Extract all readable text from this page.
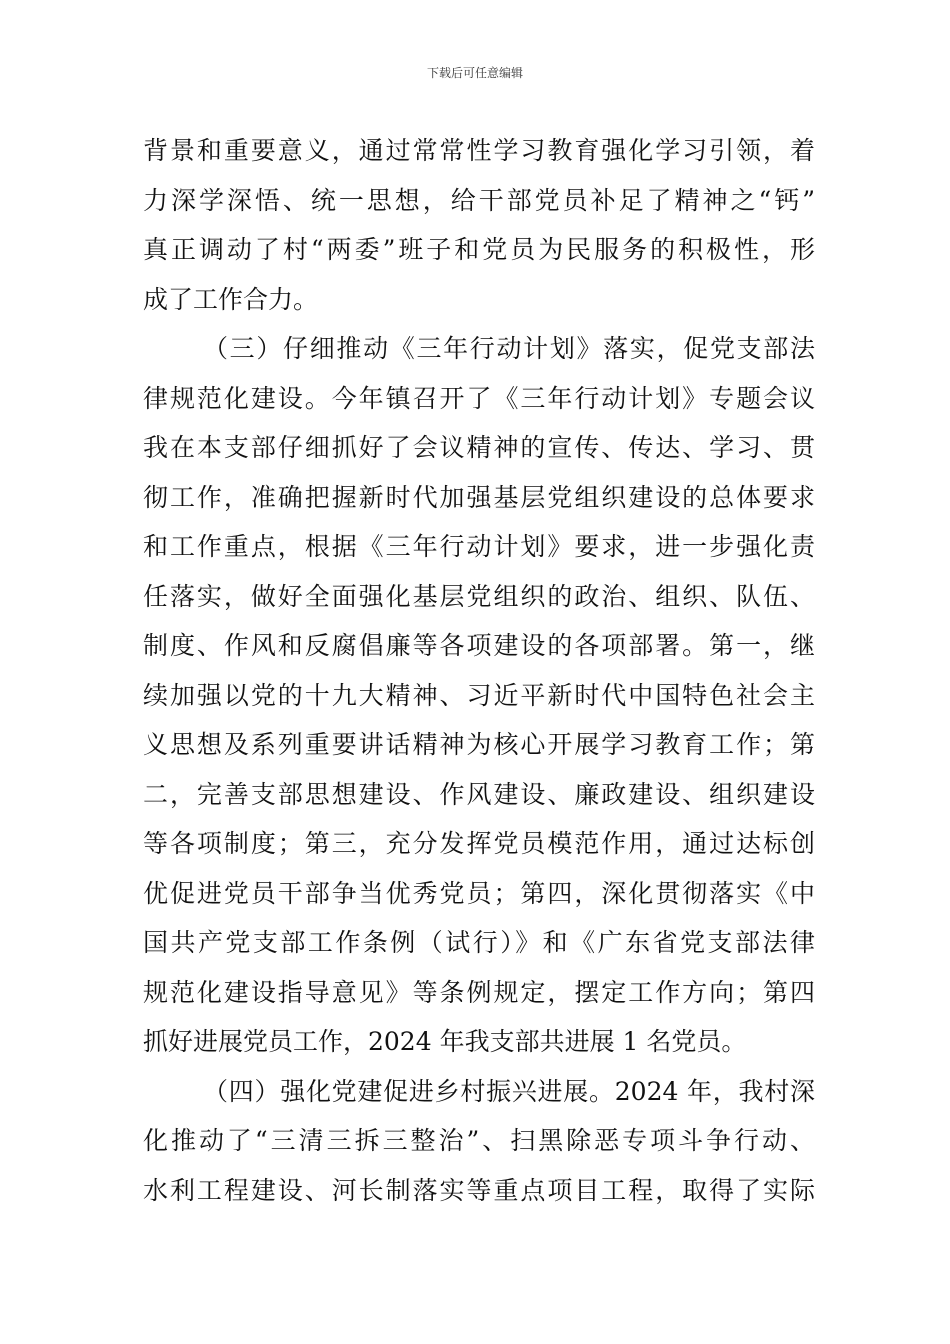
下载后可任意编辑
背景和重要意义，通过常常性学习教育强化学习引领，着
力深学深悟、统一思想，给干部党员补足了精神之“钙”
真正调动了村“两委”班子和党员为民服务的积极性，形
成了工作合力。
（三）仔细推动《三年行动计划》落实，促党支部法
律规范化建设。今年镇召开了《三年行动计划》专题会议
我在本支部仔细抓好了会议精神的宣传、传达、学习、贯
彻工作，准确把握新时代加强基层党组织建设的总体要求
和工作重点，根据《三年行动计划》要求，进一步强化责
任落实，做好全面强化基层党组织的政治、组织、队伍、
制度、作风和反腐倡廉等各项建设的各项部署。第一，继
续加强以党的十九大精神、习近平新时代中国特色社会主
义思想及系列重要讲话精神为核心开展学习教育工作；第
二，完善支部思想建设、作风建设、廉政建设、组织建设
等各项制度；第三，充分发挥党员模范作用，通过达标创
优促进党员干部争当优秀党员；第四，深化贯彻落实《中
国共产党支部工作条例（试行）》和《广东省党支部法律
规范化建设指导意见》等条例规定，摆定工作方向；第四
抓好进展党员工作，2024 年我支部共进展 1 名党员。
（四）强化党建促进乡村振兴进展。2024 年，我村深
化推动了“三清三拆三整治”、扫黑除恶专项斗争行动、
水利工程建设、河长制落实等重点项目工程，取得了实际
